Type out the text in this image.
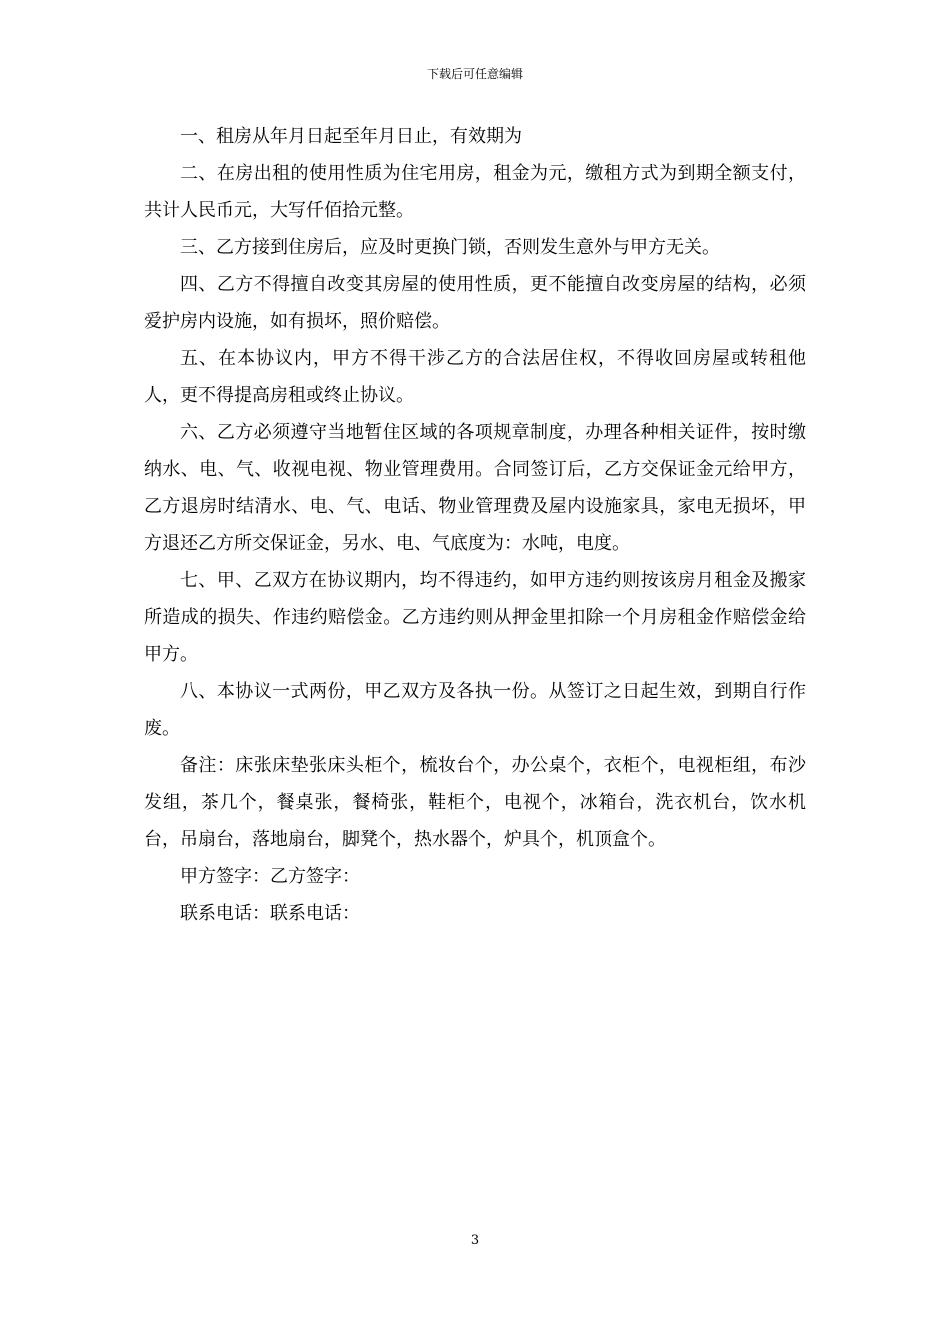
下载后可任意编辑

一、租房从年月日起至年月日止，有效期为

二、在房出租的使用性质为住宅用房，租金为元，缴租方式为到期全额支付，共计人民币元，大写仟佰拾元整。

三、乙方接到住房后，应及时更换门锁，否则发生意外与甲方无关。

四、乙方不得擅自改变其房屋的使用性质，更不能擅自改变房屋的结构，必须爱护房内设施，如有损坏，照价赔偿。

五、在本协议内，甲方不得干涉乙方的合法居住权，不得收回房屋或转租他人，更不得提高房租或终止协议。

六、乙方必须遵守当地暂住区域的各项规章制度，办理各种相关证件，按时缴纳水、电、气、收视电视、物业管理费用。合同签订后，乙方交保证金元给甲方，乙方退房时结清水、电、气、电话、物业管理费及屋内设施家具，家电无损坏，甲方退还乙方所交保证金，另水、电、气底度为：水吨，电度。

七、甲、乙双方在协议期内，均不得违约，如甲方违约则按该房月租金及搬家所造成的损失、作违约赔偿金。乙方违约则从押金里扣除一个月房租金作赔偿金给甲方。

八、本协议一式两份，甲乙双方及各执一份。从签订之日起生效，到期自行作废。

备注：床张床垫张床头柜个，梳妆台个，办公桌个，衣柜个，电视柜组，布沙发组，茶几个，餐桌张，餐椅张，鞋柜个，电视个，冰箱台，洗衣机台，饮水机台，吊扇台，落地扇台，脚凳个，热水器个，炉具个，机顶盒个。

甲方签字：乙方签字：

联系电话：联系电话：

3
